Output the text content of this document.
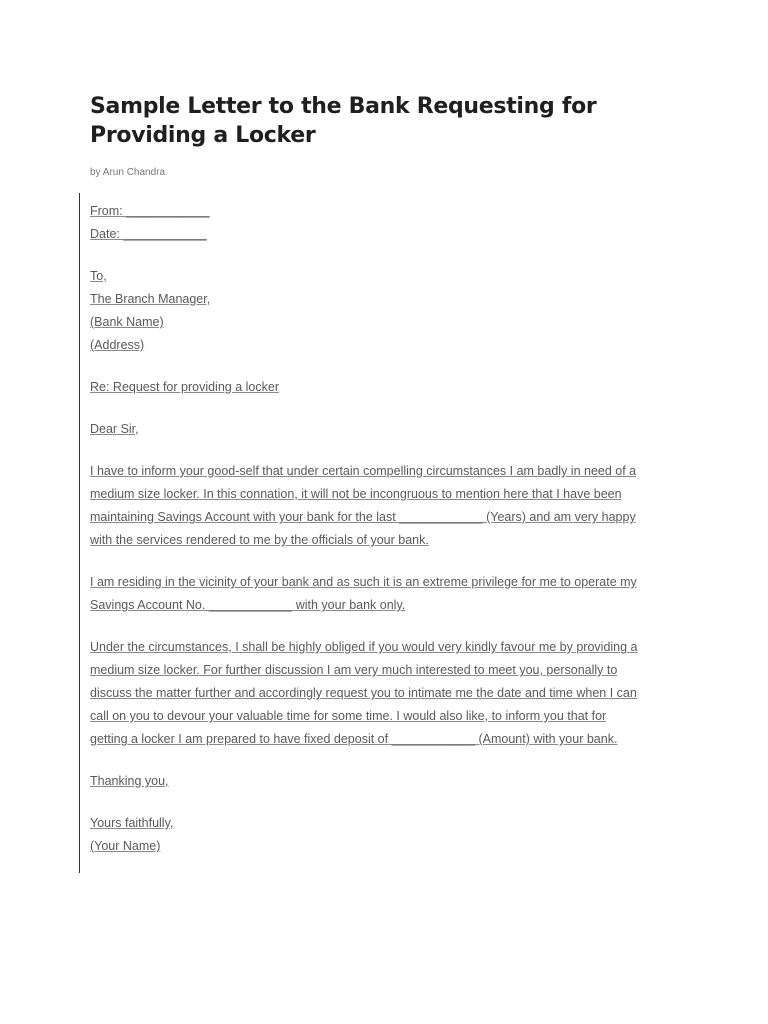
Sample Letter to the Bank Requesting for Providing a Locker

by Arun Chandra

From: ____________
Date: ____________
To,
The Branch Manager,
(Bank Name)
(Address)
Re: Request for providing a locker
Dear Sir,
I have to inform your good-self that under certain compelling circumstances I am badly in need of a
medium size locker. In this connation, it will not be incongruous to mention here that I have been
maintaining Savings Account with your bank for the last ____________ (Years) and am very happy
with the services rendered to me by the officials of your bank.
I am residing in the vicinity of your bank and as such it is an extreme privilege for me to operate my
Savings Account No. ____________ with your bank only.
Under the circumstances, I shall be highly obliged if you would very kindly favour me by providing a
medium size locker. For further discussion I am very much interested to meet you, personally to
discuss the matter further and accordingly request you to intimate me the date and time when I can
call on you to devour your valuable time for some time. I would also like, to inform you that for
getting a locker I am prepared to have fixed deposit of ____________ (Amount) with your bank.
Thanking you,
Yours faithfully,
(Your Name)
